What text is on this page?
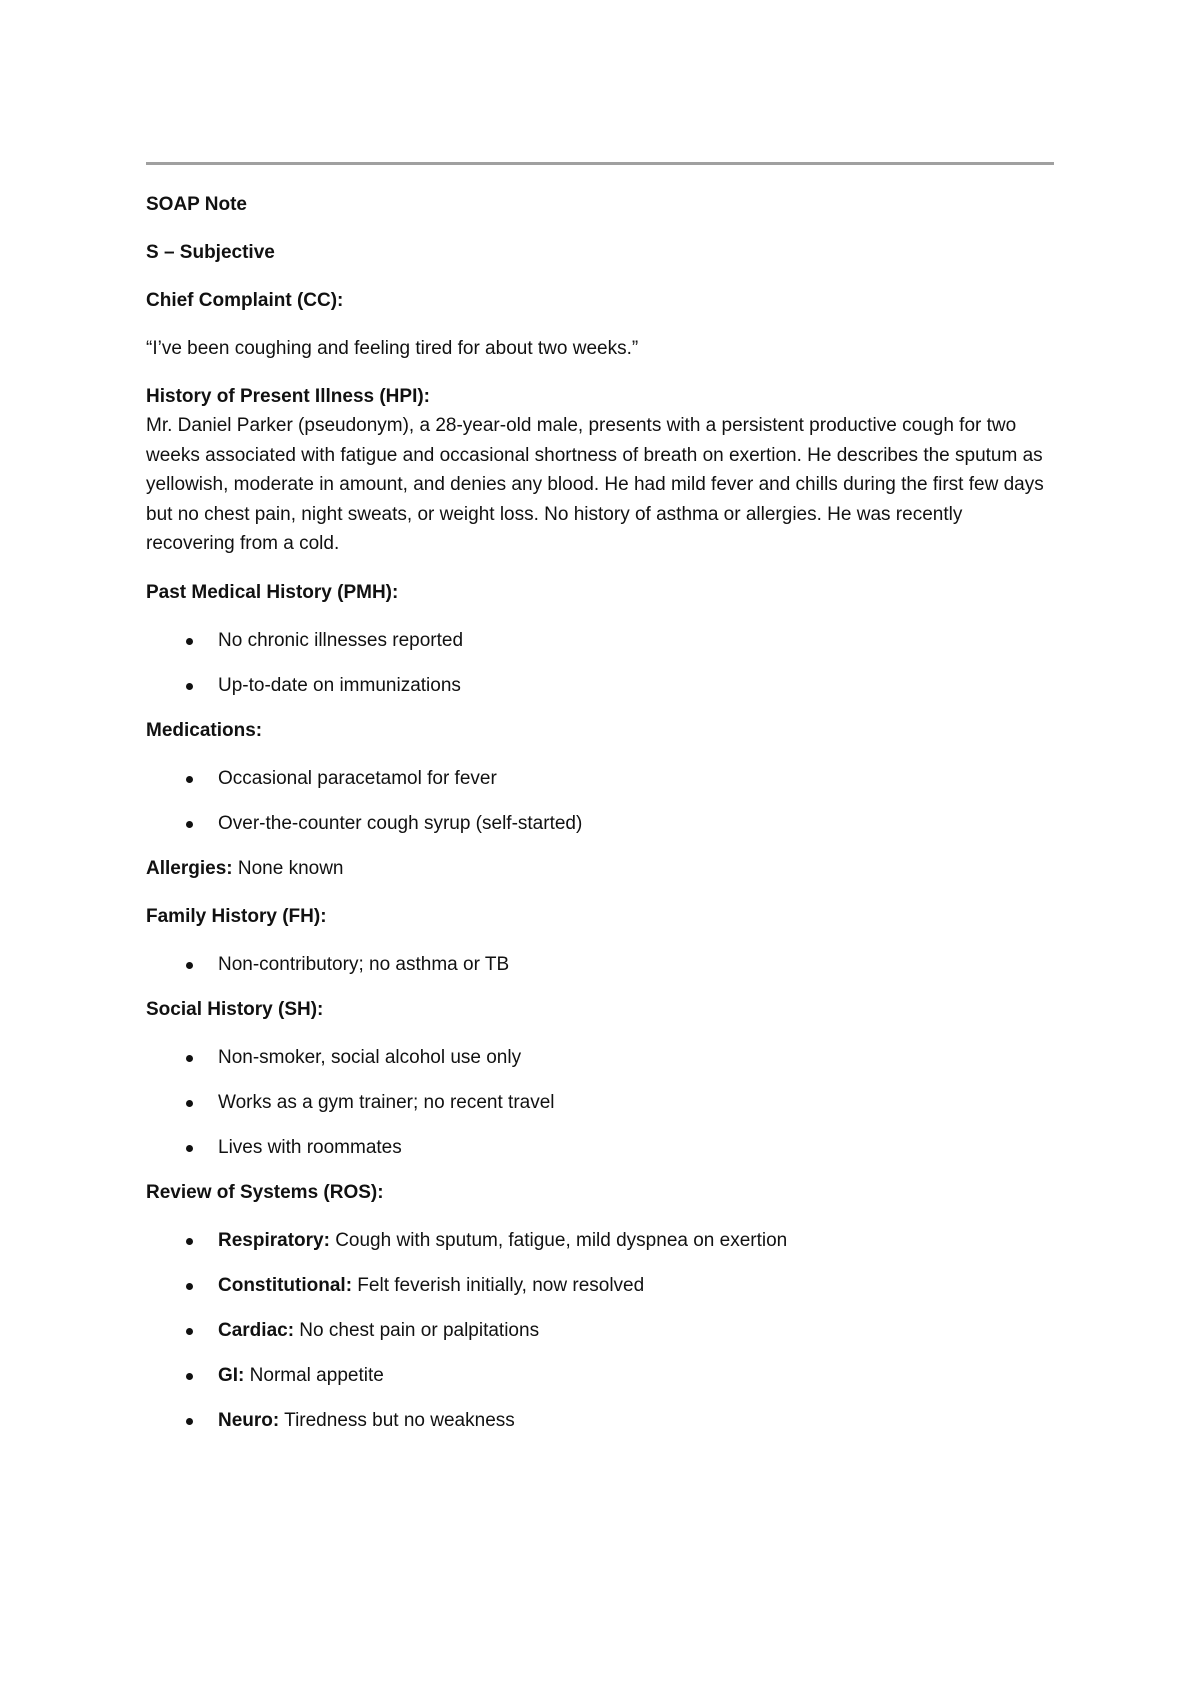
SOAP Note

S – Subjective

Chief Complaint (CC):

“I’ve been coughing and feeling tired for about two weeks.”

History of Present Illness (HPI):

Mr. Daniel Parker (pseudonym), a 28-year-old male, presents with a persistent productive cough for two weeks associated with fatigue and occasional shortness of breath on exertion. He describes the sputum as yellowish, moderate in amount, and denies any blood. He had mild fever and chills during the first few days but no chest pain, night sweats, or weight loss. No history of asthma or allergies. He was recently recovering from a cold.

Past Medical History (PMH):

No chronic illnesses reported
Up-to-date on immunizations

Medications:

Occasional paracetamol for fever
Over-the-counter cough syrup (self-started)

Allergies: None known

Family History (FH):

Non-contributory; no asthma or TB

Social History (SH):

Non-smoker, social alcohol use only
Works as a gym trainer; no recent travel
Lives with roommates

Review of Systems (ROS):

Respiratory: Cough with sputum, fatigue, mild dyspnea on exertion
Constitutional: Felt feverish initially, now resolved
Cardiac: No chest pain or palpitations
GI: Normal appetite
Neuro: Tiredness but no weakness
